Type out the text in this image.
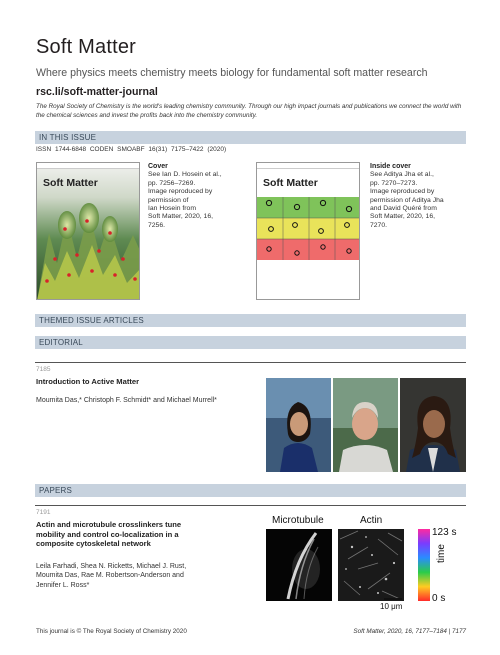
Soft Matter
Where physics meets chemistry meets biology for fundamental soft matter research
rsc.li/soft-matter-journal
The Royal Society of Chemistry is the world's leading chemistry community. Through our high impact journals and publications we connect the world with the chemical sciences and invest the profits back into the chemistry community.
IN THIS ISSUE
ISSN 1744-6848 CODEN SMOABF 16(31) 7175–7422 (2020)
Soft Matter
Cover
See Ian D. Hosein et al.,
pp. 7256–7269.
Image reproduced by
permission of
Ian Hosein from
Soft Matter, 2020, 16,
7256.
Soft Matter
Inside cover
See Aditya Jha et al.,
pp. 7270–7273.
Image reproduced by
permission of Aditya Jha
and David Quéré from
Soft Matter, 2020, 16,
7270.
THEMED ISSUE ARTICLES
EDITORIAL
7185
Introduction to Active Matter
Moumita Das,* Christoph F. Schmidt* and Michael Murrell*
PAPERS
7191
Actin and microtubule crosslinkers tune
mobility and control co-localization in a
composite cytoskeletal network
Leila Farhadi, Shea N. Ricketts, Michael J. Rust,
Moumita Das, Rae M. Robertson-Anderson and
Jennifer L. Ross*
Microtubule	Actin
123 s
time
0 s
10 μm
This journal is © The Royal Society of Chemistry 2020	Soft Matter, 2020, 16, 7177–7184 | 7177
